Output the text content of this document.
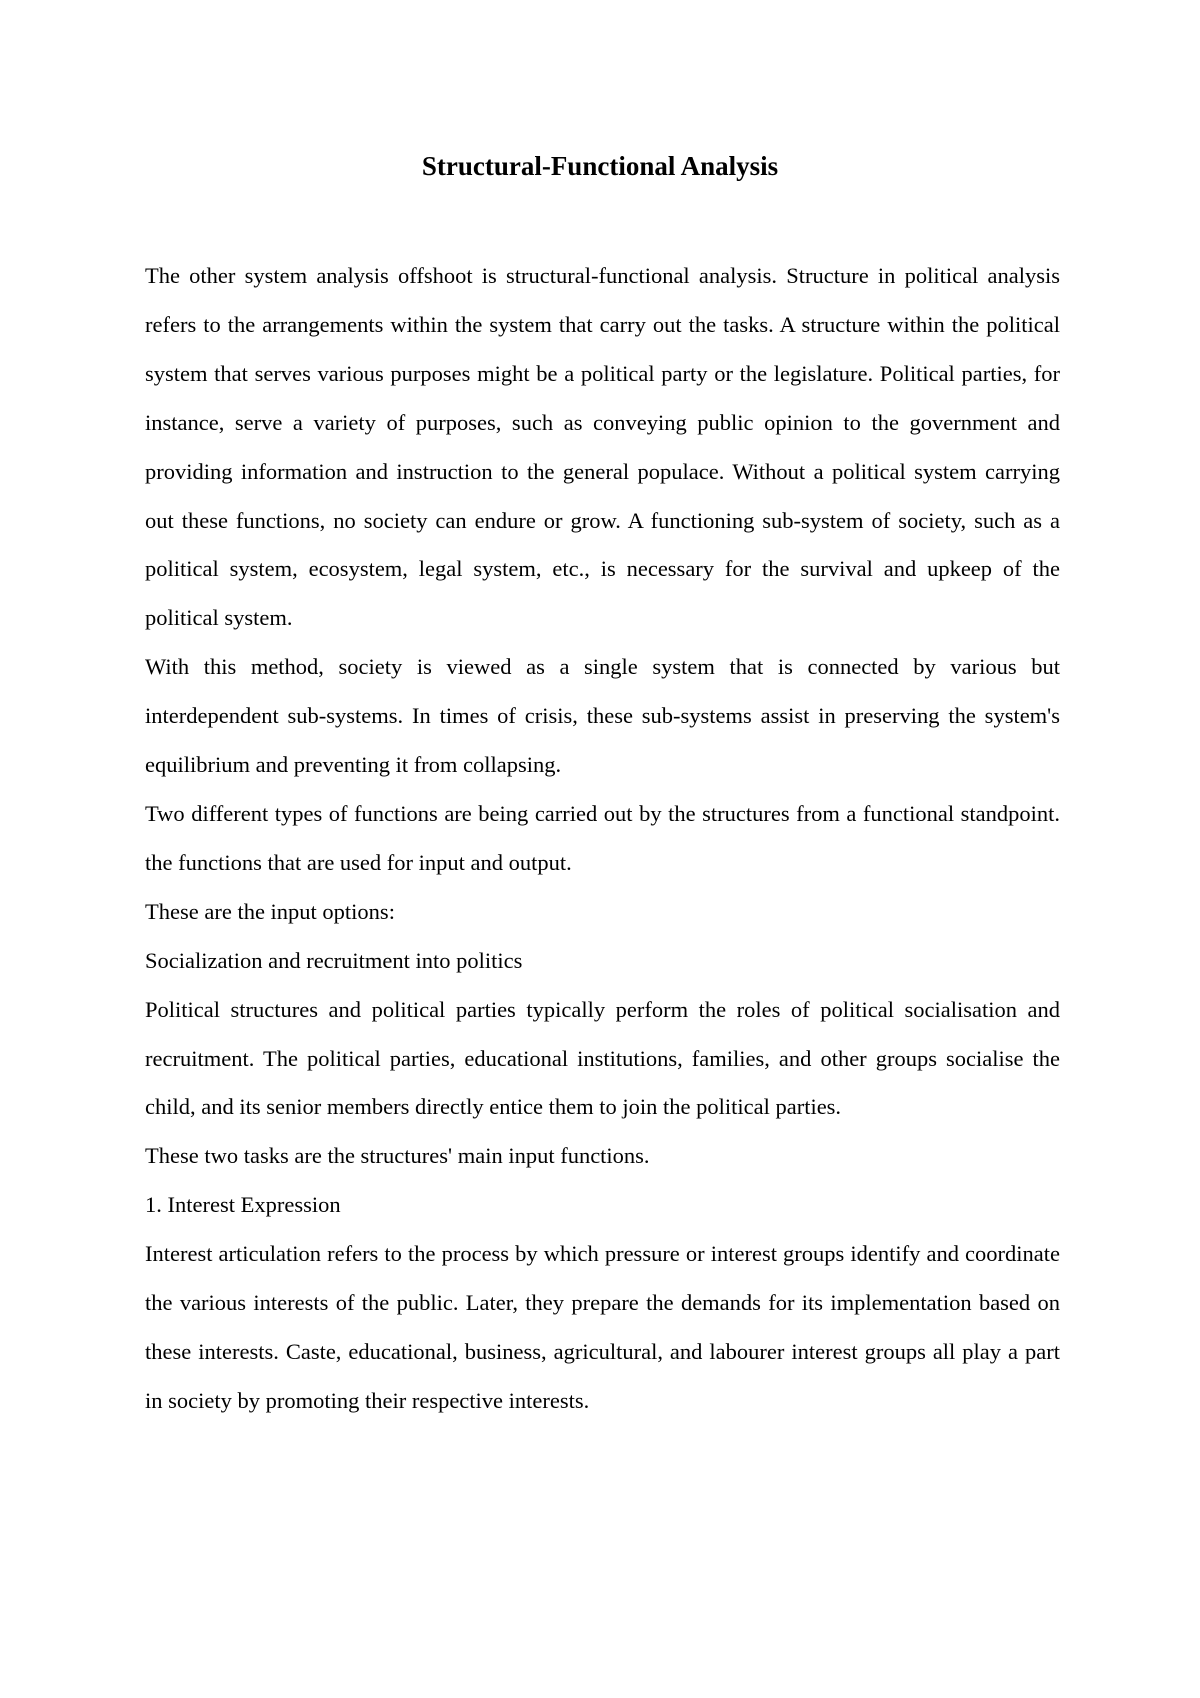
Structural-Functional Analysis

The other system analysis offshoot is structural-functional analysis. Structure in political analysis refers to the arrangements within the system that carry out the tasks. A structure within the political system that serves various purposes might be a political party or the legislature. Political parties, for instance, serve a variety of purposes, such as conveying public opinion to the government and providing information and instruction to the general populace. Without a political system carrying out these functions, no society can endure or grow. A functioning sub-system of society, such as a political system, ecosystem, legal system, etc., is necessary for the survival and upkeep of the political system.

With this method, society is viewed as a single system that is connected by various but interdependent sub-systems. In times of crisis, these sub-systems assist in preserving the system's equilibrium and preventing it from collapsing.

Two different types of functions are being carried out by the structures from a functional standpoint. the functions that are used for input and output.

These are the input options:

Socialization and recruitment into politics

Political structures and political parties typically perform the roles of political socialisation and recruitment. The political parties, educational institutions, families, and other groups socialise the child, and its senior members directly entice them to join the political parties.

These two tasks are the structures' main input functions.

1. Interest Expression

Interest articulation refers to the process by which pressure or interest groups identify and coordinate the various interests of the public. Later, they prepare the demands for its implementation based on these interests. Caste, educational, business, agricultural, and labourer interest groups all play a part in society by promoting their respective interests.
